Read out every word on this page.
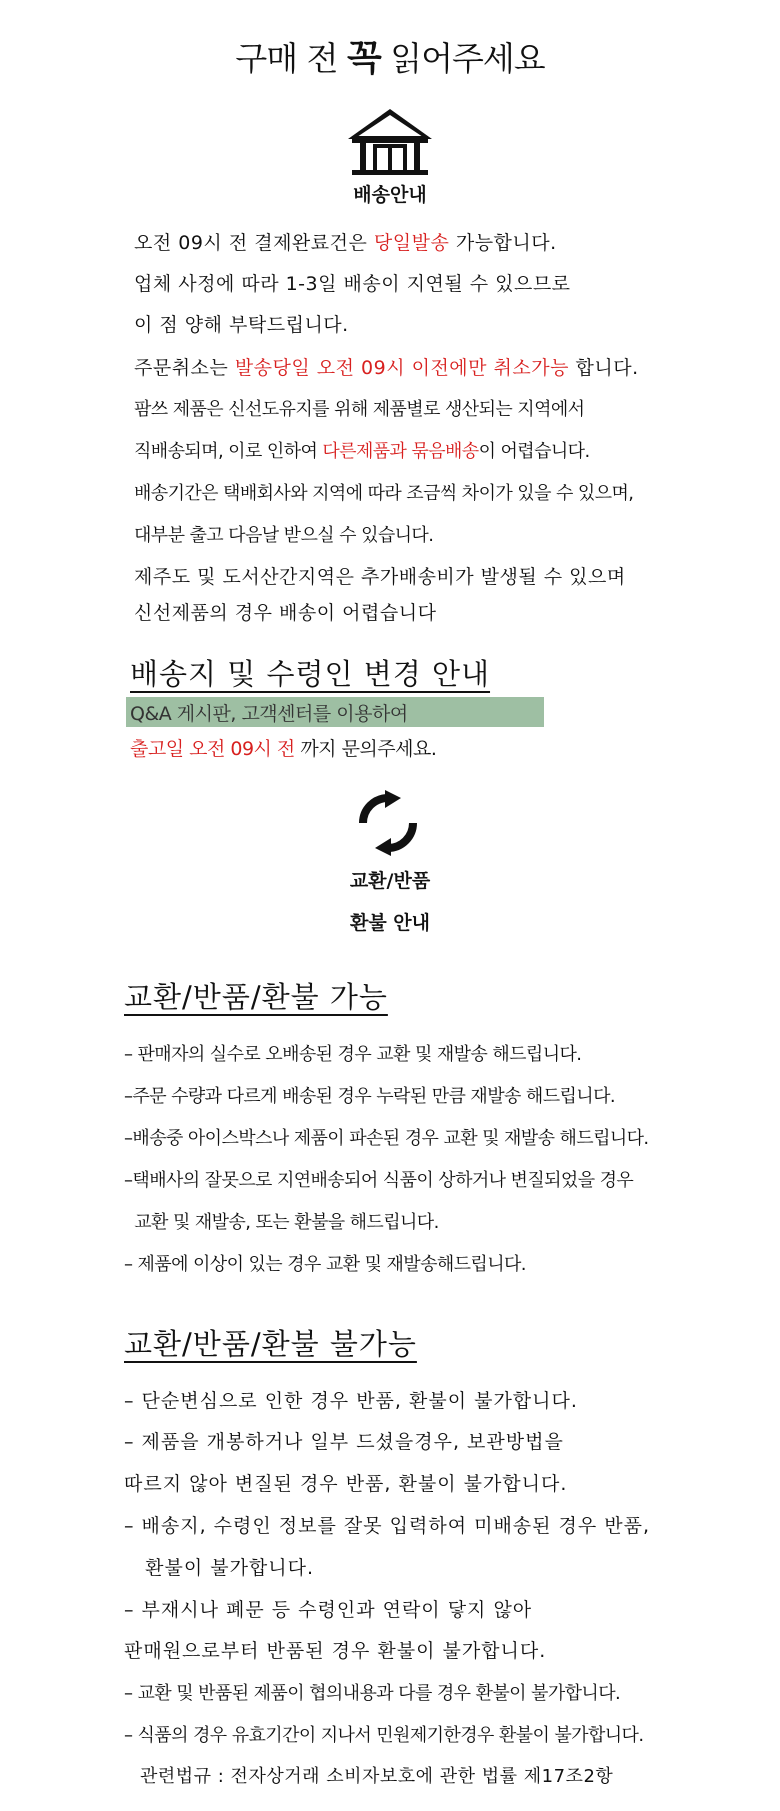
구매 전 꼭 읽어주세요
배송안내
오전 09시 전 결제완료건은 당일발송 가능합니다.
업체 사정에 따라 1-3일 배송이 지연될 수 있으므로
이 점 양해 부탁드립니다.
주문취소는 발송당일 오전 09시 이전에만 취소가능 합니다.
팜쓰 제품은 신선도유지를 위해 제품별로 생산되는 지역에서
직배송되며, 이로 인하여 다른제품과 묶음배송이 어렵습니다.
배송기간은 택배회사와 지역에 따라 조금씩 차이가 있을 수 있으며,
대부분 출고 다음날 받으실 수 있습니다.
제주도 및 도서산간지역은 추가배송비가 발생될 수 있으며
신선제품의 경우 배송이 어렵습니다
배송지 및 수령인 변경 안내
Q&A 게시판, 고객센터를 이용하여
출고일 오전 09시 전 까지 문의주세요.
교환/반품
환불 안내
교환/반품/환불 가능
– 판매자의 실수로 오배송된 경우 교환 및 재발송 해드립니다.
–주문 수량과 다르게 배송된 경우 누락된 만큼 재발송 해드립니다.
–배송중 아이스박스나 제품이 파손된 경우 교환 및 재발송 해드립니다.
–택배사의 잘못으로 지연배송되어 식품이 상하거나 변질되었을 경우
교환 및 재발송, 또는 환불을 해드립니다.
– 제품에 이상이 있는 경우 교환 및 재발송해드립니다.
교환/반품/환불 불가능
– 단순변심으로 인한 경우 반품, 환불이 불가합니다.
– 제품을 개봉하거나 일부 드셨을경우, 보관방법을
따르지 않아 변질된 경우 반품, 환불이 불가합니다.
– 배송지, 수령인 정보를 잘못 입력하여 미배송된 경우 반품,
환불이 불가합니다.
– 부재시나 폐문 등 수령인과 연락이 닿지 않아
판매원으로부터 반품된 경우 환불이 불가합니다.
– 교환 및 반품된 제품이 협의내용과 다를 경우 환불이 불가합니다.
– 식품의 경우 유효기간이 지나서 민원제기한경우 환불이 불가합니다.
관련법규 : 전자상거래 소비자보호에 관한 법률 제17조2항
